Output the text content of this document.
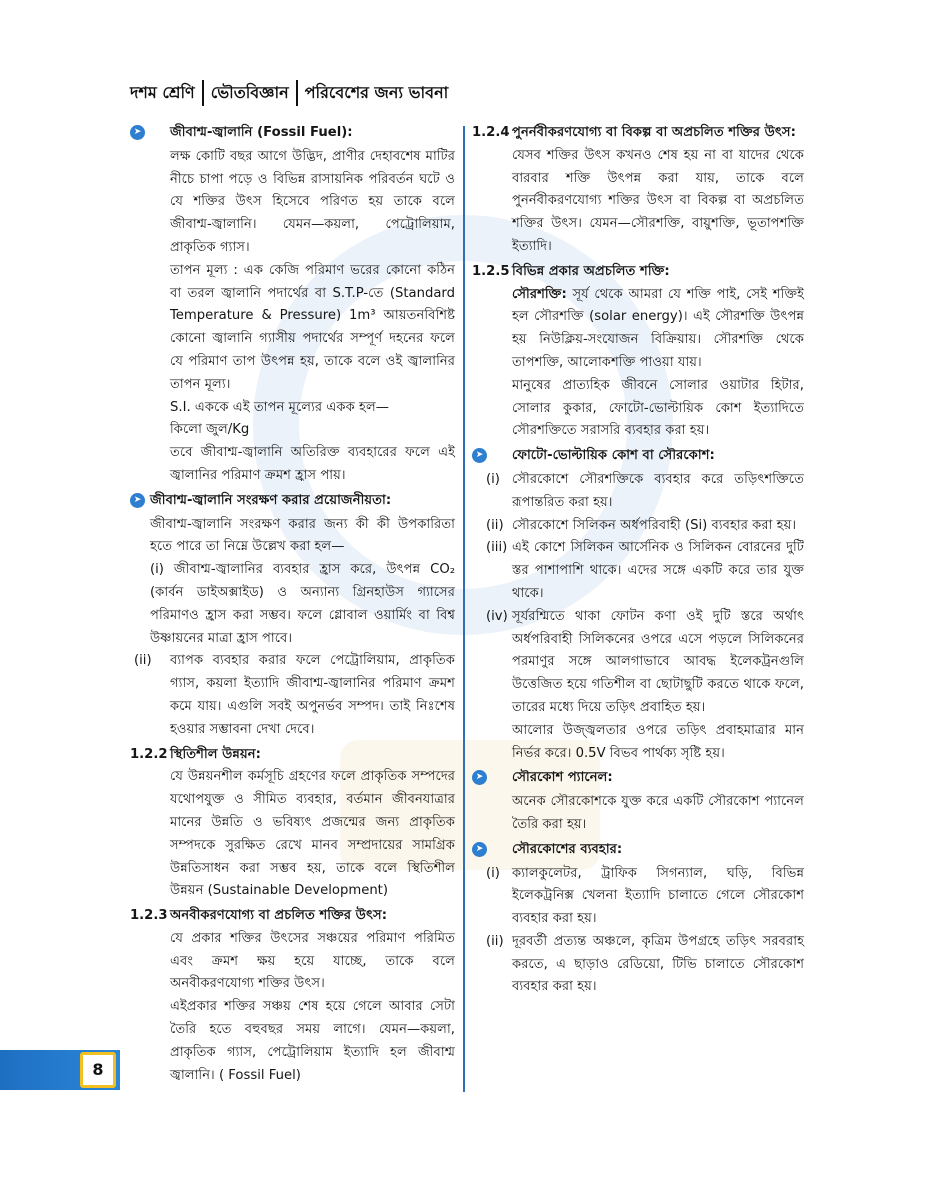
দশম শ্রেণি ভৌতবিজ্ঞান পরিবেশের জন্য ভাবনা
➤ জীবাশ্ম-জ্বালানি (Fossil Fuel):
লক্ষ কোটি বছর আগে উদ্ভিদ, প্রাণীর দেহাবশেষ মাটির নীচে চাপা পড়ে ও বিভিন্ন রাসায়নিক পরিবর্তন ঘটে ও যে শক্তির উৎস হিসেবে পরিণত হয় তাকে বলে জীবাশ্ম-জ্বালানি। যেমন—কয়লা, পেট্রোলিয়াম, প্রাকৃতিক গ্যাস।
তাপন মূল্য : এক কেজি পরিমাণ ভরের কোনো কঠিন বা তরল জ্বালানি পদার্থের বা S.T.P-তে (Standard Temperature & Pressure) 1m³ আয়তনবিশিষ্ট কোনো জ্বালানি গ্যাসীয় পদার্থের সম্পূর্ণ দহনের ফলে যে পরিমাণ তাপ উৎপন্ন হয়, তাকে বলে ওই জ্বালানির তাপন মূল্য।
S.I. এককে এই তাপন মূল্যের একক হল—
কিলো জুল/Kg
তবে জীবাশ্ম-জ্বালানি অতিরিক্ত ব্যবহারের ফলে এই জ্বালানির পরিমাণ ক্রমশ হ্রাস পায়।
➤ জীবাশ্ম-জ্বালানি সংরক্ষণ করার প্রয়োজনীয়তা:
জীবাশ্ম-জ্বালানি সংরক্ষণ করার জন্য কী কী উপকারিতা হতে পারে তা নিম্নে উল্লেখ করা হল—
(i) জীবাশ্ম-জ্বালানির ব্যবহার হ্রাস করে, উৎপন্ন CO₂ (কার্বন ডাইঅক্সাইড) ও অন্যান্য গ্রিনহাউস গ্যাসের পরিমাণও হ্রাস করা সম্ভব। ফলে গ্লোবাল ওয়ার্মিং বা বিশ্ব উষ্ণায়নের মাত্রা হ্রাস পাবে।
(ii) ব্যাপক ব্যবহার করার ফলে পেট্রোলিয়াম, প্রাকৃতিক গ্যাস, কয়লা ইত্যাদি জীবাশ্ম-জ্বালানির পরিমাণ ক্রমশ কমে যায়। এগুলি সবই অপুনর্ভব সম্পদ। তাই নিঃশেষ হওয়ার সম্ভাবনা দেখা দেবে।
1.2.2 স্থিতিশীল উন্নয়ন:
যে উন্নয়নশীল কর্মসূচি গ্রহণের ফলে প্রাকৃতিক সম্পদের যথোপযুক্ত ও সীমিত ব্যবহার, বর্তমান জীবনযাত্রার মানের উন্নতি ও ভবিষ্যৎ প্রজন্মের জন্য প্রাকৃতিক সম্পদকে সুরক্ষিত রেখে মানব সম্প্রদায়ের সামগ্রিক উন্নতিসাধন করা সম্ভব হয়, তাকে বলে স্থিতিশীল উন্নয়ন (Sustainable Development)
1.2.3 অনবীকরণযোগ্য বা প্রচলিত শক্তির উৎস:
যে প্রকার শক্তির উৎসের সঞ্চয়ের পরিমাণ পরিমিত এবং ক্রমশ ক্ষয় হয়ে যাচ্ছে, তাকে বলে অনবীকরণযোগ্য শক্তির উৎস।
এইপ্রকার শক্তির সঞ্চয় শেষ হয়ে গেলে আবার সেটা তৈরি হতে বহুবছর সময় লাগে। যেমন—কয়লা, প্রাকৃতিক গ্যাস, পেট্রোলিয়াম ইত্যাদি হল জীবাশ্ম জ্বালানি। ( Fossil Fuel)
1.2.4 পুনর্নবীকরণযোগ্য বা বিকল্প বা অপ্রচলিত শক্তির উৎস:
যেসব শক্তির উৎস কখনও শেষ হয় না বা যাদের থেকে বারবার শক্তি উৎপন্ন করা যায়, তাকে বলে পুনর্নবীকরণযোগ্য শক্তির উৎস বা বিকল্প বা অপ্রচলিত শক্তির উৎস। যেমন—সৌরশক্তি, বায়ুশক্তি, ভূতাপশক্তি ইত্যাদি।
1.2.5 বিভিন্ন প্রকার অপ্রচলিত শক্তি:
সৌরশক্তি: সূর্য থেকে আমরা যে শক্তি পাই, সেই শক্তিই হল সৌরশক্তি (solar energy)। এই সৌরশক্তি উৎপন্ন হয় নিউক্লিয়-সংযোজন বিক্রিয়ায়। সৌরশক্তি থেকে তাপশক্তি, আলোকশক্তি পাওয়া যায়।
মানুষের প্রাত্যহিক জীবনে সোলার ওয়াটার হিটার, সোলার কুকার, ফোটো-ভোল্টায়িক কোশ ইত্যাদিতে সৌরশক্তিতে সরাসরি ব্যবহার করা হয়।
➤ ফোটো-ভোল্টায়িক কোশ বা সৌরকোশ:
(i) সৌরকোশে সৌরশক্তিকে ব্যবহার করে তড়িৎশক্তিতে রূপান্তরিত করা হয়।
(ii) সৌরকোশে সিলিকন অর্ধপরিবাহী (Si) ব্যবহার করা হয়।
(iii) এই কোশে সিলিকন আর্সেনিক ও সিলিকন বোরনের দুটি স্তর পাশাপাশি থাকে। এদের সঙ্গে একটি করে তার যুক্ত থাকে।
(iv) সূর্যরশ্মিতে থাকা ফোটন কণা ওই দুটি স্তরে অর্থাৎ অর্ধপরিবাহী সিলিকনের ওপরে এসে পড়লে সিলিকনের পরমাণুর সঙ্গে আলগাভাবে আবদ্ধ ইলেকট্রনগুলি উত্তেজিত হয়ে গতিশীল বা ছোটাছুটি করতে থাকে ফলে, তারের মধ্যে দিয়ে তড়িৎ প্রবাহিত হয়।
আলোর উজ্জ্বলতার ওপরে তড়িৎ প্রবাহমাত্রার মান নির্ভর করে। 0.5V বিভব পার্থক্য সৃষ্টি হয়।
➤ সৌরকোশ প্যানেল:
অনেক সৌরকোশকে যুক্ত করে একটি সৌরকোশ প্যানেল তৈরি করা হয়।
➤ সৌরকোশের ব্যবহার:
(i) ক্যালকুলেটর, ট্রাফিক সিগন্যাল, ঘড়ি, বিভিন্ন ইলেকট্রনিক্স খেলনা ইত্যাদি চালাতে গেলে সৌরকোশ ব্যবহার করা হয়।
(ii) দূরবর্তী প্রত্যন্ত অঞ্চলে, কৃত্রিম উপগ্রহে তড়িৎ সরবরাহ করতে, এ ছাড়াও রেডিয়ো, টিভি চালাতে সৌরকোশ ব্যবহার করা হয়।
8
